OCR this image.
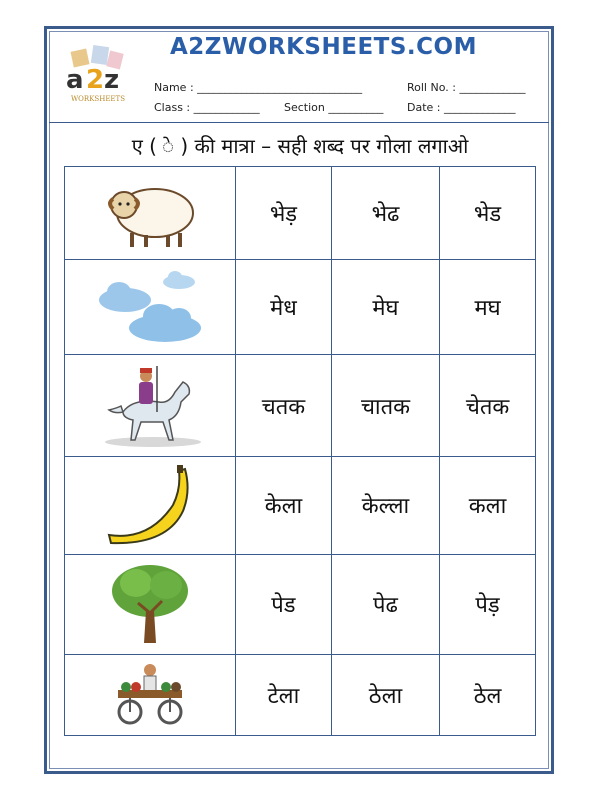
a 2 z
WORKSHEETS
A2ZWORKSHEETS.COM
Name : ______________________________	Roll No. : ____________
Class : ____________ Section __________ Date : _____________
ए ( े ) की मात्रा – सही शब्द पर गोला लगाओ
	भेड़	भेढ	भेड

	मेध	मेघ	मघ

	चतक	चातक	चेतक

	केला	केल्ला	कला

	पेड	पेढ	पेड़

	टेला	ठेला	ठेल
